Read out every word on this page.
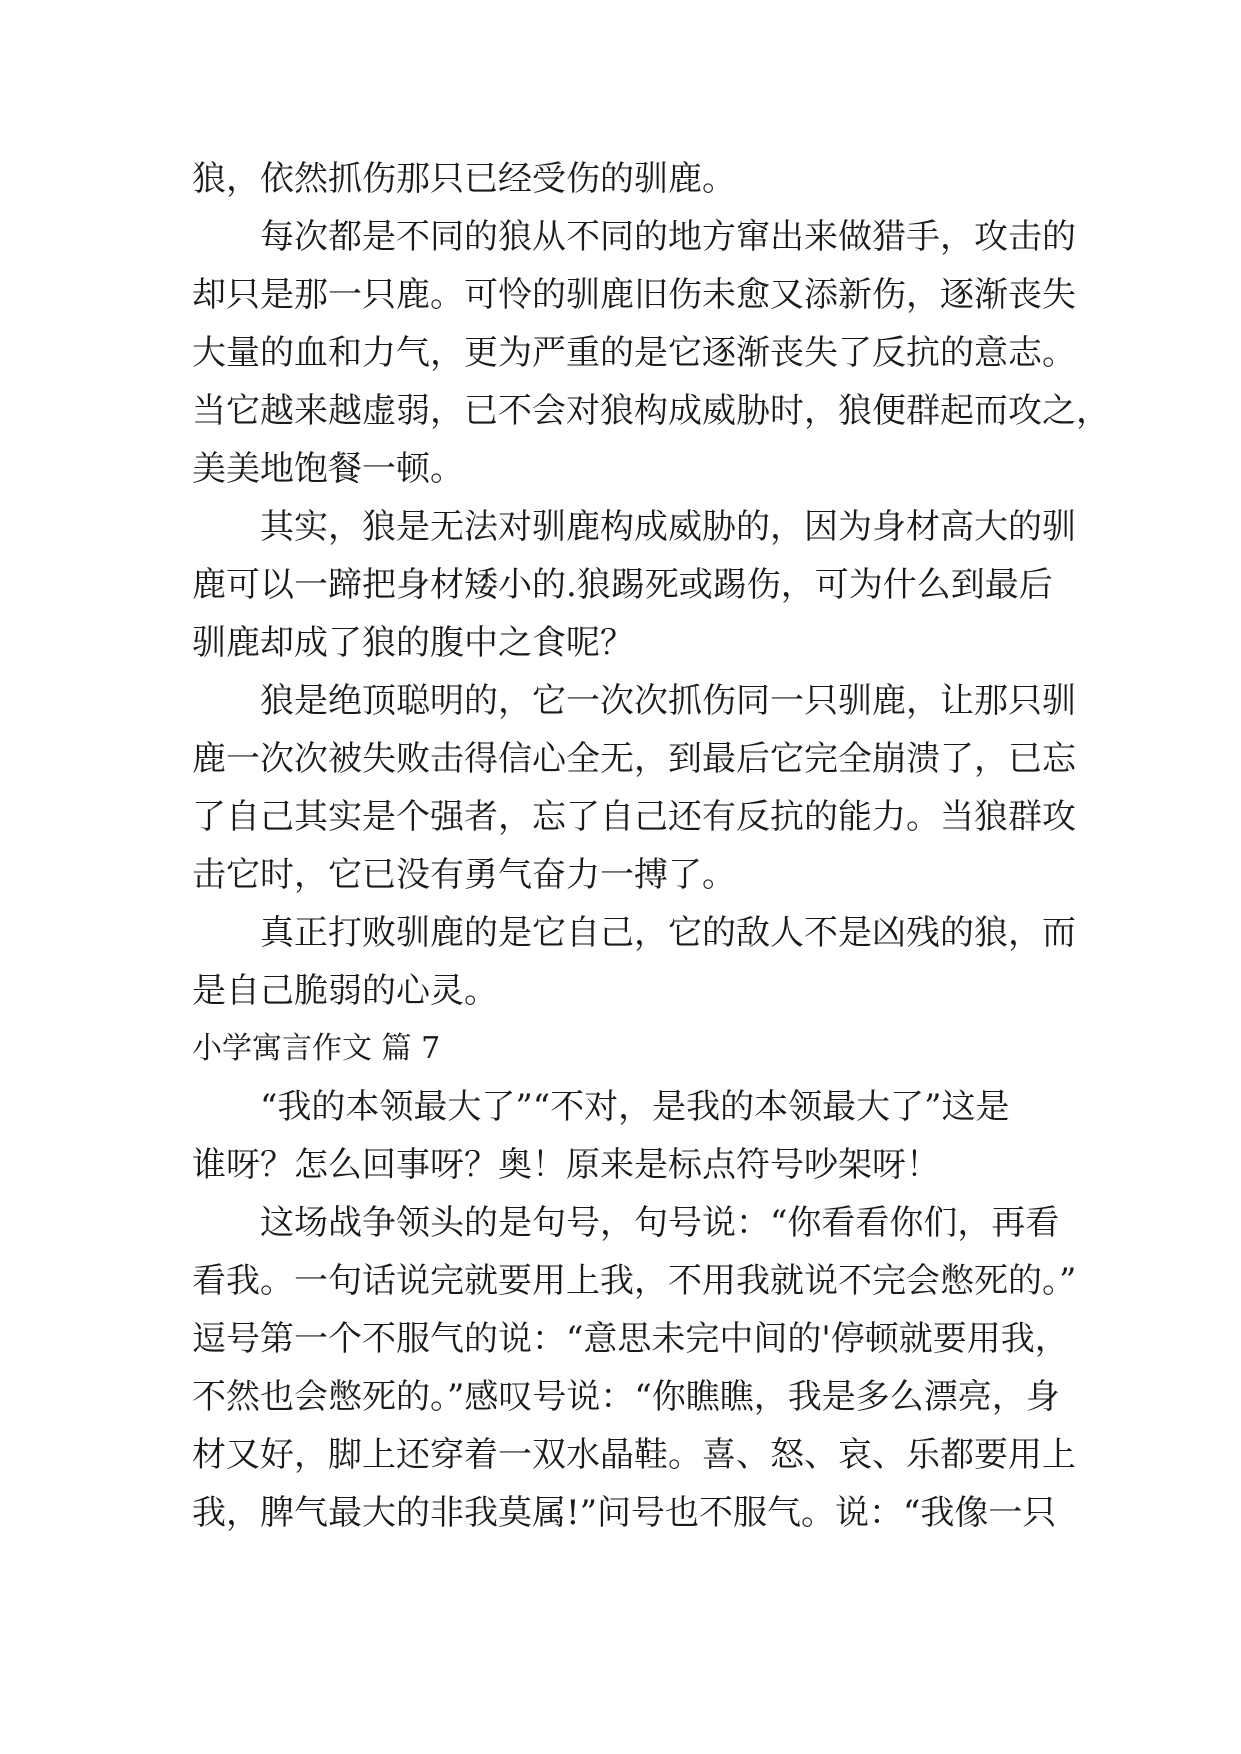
狼，依然抓伤那只已经受伤的驯鹿。
　　每次都是不同的狼从不同的地方窜出来做猎手，攻击的
却只是那一只鹿。可怜的驯鹿旧伤未愈又添新伤，逐渐丧失
大量的血和力气，更为严重的是它逐渐丧失了反抗的意志。
当它越来越虚弱，已不会对狼构成威胁时，狼便群起而攻之，
美美地饱餐一顿。
　　其实，狼是无法对驯鹿构成威胁的，因为身材高大的驯
鹿可以一蹄把身材矮小的.狼踢死或踢伤，可为什么到最后
驯鹿却成了狼的腹中之食呢？
　　狼是绝顶聪明的，它一次次抓伤同一只驯鹿，让那只驯
鹿一次次被失败击得信心全无，到最后它完全崩溃了，已忘
了自己其实是个强者，忘了自己还有反抗的能力。当狼群攻
击它时，它已没有勇气奋力一搏了。
　　真正打败驯鹿的是它自己，它的敌人不是凶残的狼，而
是自己脆弱的心灵。
小学寓言作文 篇 7
　　“我的本领最大了”“不对，是我的本领最大了”这是
谁呀？怎么回事呀？奥！原来是标点符号吵架呀！
　　这场战争领头的是句号，句号说：“你看看你们，再看
看我。一句话说完就要用上我，不用我就说不完会憋死的。”
逗号第一个不服气的说：“意思未完中间的'停顿就要用我，
不然也会憋死的。”感叹号说：“你瞧瞧，我是多么漂亮，身
材又好，脚上还穿着一双水晶鞋。喜、怒、哀、乐都要用上
我，脾气最大的非我莫属!”问号也不服气。说：“我像一只
